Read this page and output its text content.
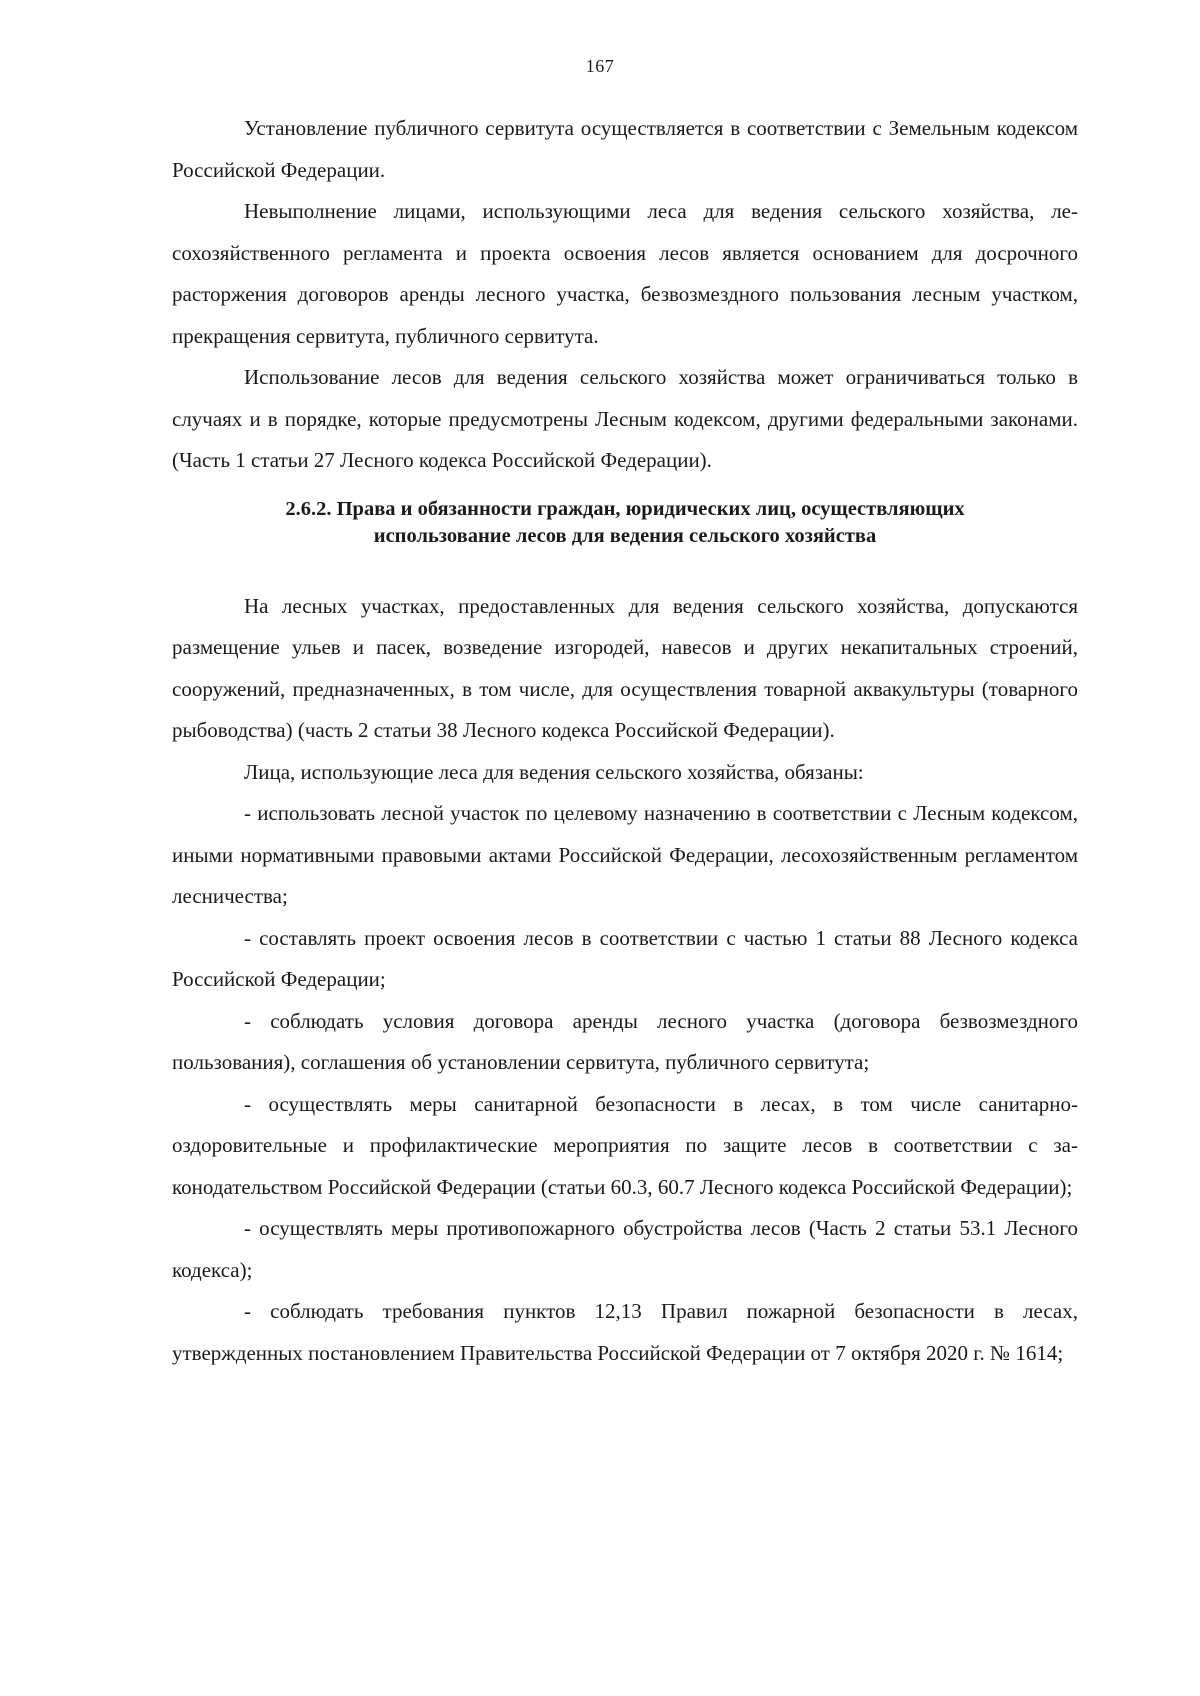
167

Установление публичного сервитута осуществляется в соответствии с Земельным кодексом Российской Федерации.

Невыполнение лицами, использующими леса для ведения сельского хозяйства, лесохозяйственного регламента и проекта освоения лесов является основанием для досрочного расторжения договоров аренды лесного участка, безвозмездного пользования лесным участком, прекращения сервитута, публичного сервитута.

Использование лесов для ведения сельского хозяйства может ограничиваться только в случаях и в порядке, которые предусмотрены Лесным кодексом, другими федеральными законами. (Часть 1 статьи 27 Лесного кодекса Российской Федерации).

2.6.2. Права и обязанности граждан, юридических лиц, осуществляющих
использование лесов для ведения сельского хозяйства

На лесных участках, предоставленных для ведения сельского хозяйства, допускаются размещение ульев и пасек, возведение изгородей, навесов и других некапитальных строений, сооружений, предназначенных, в том числе, для осуществления товарной аквакультуры (товарного рыбоводства) (часть 2 статьи 38 Лесного кодекса Российской Федерации).

Лица, использующие леса для ведения сельского хозяйства, обязаны:

- использовать лесной участок по целевому назначению в соответствии с Лесным кодексом, иными нормативными правовыми актами Российской Федерации, лесохозяйственным регламентом лесничества;

- составлять проект освоения лесов в соответствии с частью 1 статьи 88 Лесного кодекса Российской Федерации;

- соблюдать условия договора аренды лесного участка (договора безвозмездного пользования), соглашения об установлении сервитута, публичного сервитута;

- осуществлять меры санитарной безопасности в лесах, в том числе санитарно-оздоровительные и профилактические мероприятия по защите лесов в соответствии с законодательством Российской Федерации (статьи 60.3, 60.7 Лесного кодекса Российской Федерации);

- осуществлять меры противопожарного обустройства лесов (Часть 2 статьи 53.1 Лесного кодекса);

- соблюдать требования пунктов 12,13 Правил пожарной безопасности в лесах, утвержденных постановлением Правительства Российской Федерации от 7 октября 2020 г. № 1614;
